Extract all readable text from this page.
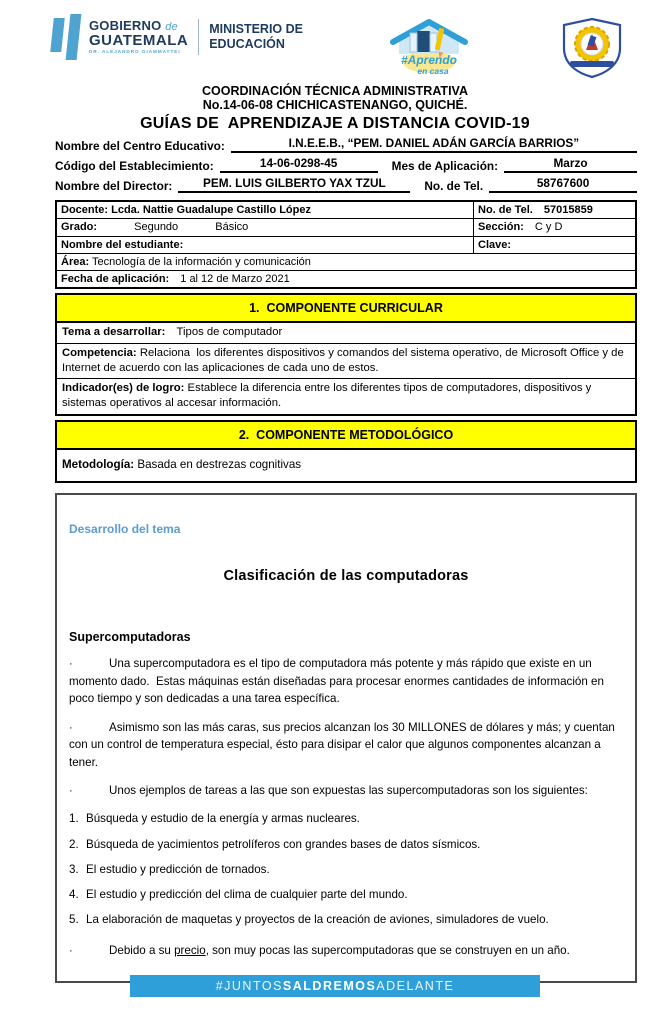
GOBIERNO de
GUATEMALA
DR. ALEJANDRO GIAMMATTEI
MINISTERIO DE
EDUCACIÓN
#Aprendo
en casa
COORDINACIÓN TÉCNICA ADMINISTRATIVA
No.14-06-08 CHICHICASTENANGO, QUICHÉ.
GUÍAS DE  APRENDIZAJE A DISTANCIA COVID-19
Nombre del Centro Educativo:	I.N.E.E.B., “PEM. DANIEL ADÁN GARCÍA BARRIOS”
Código del Establecimiento:	14-06-0298-45	Mes de Aplicación:	Marzo
Nombre del Director:	PEM. LUIS GILBERTO YAX TZUL	No. de Tel.	58767600
Docente: Lcda. Nattie Guadalupe Castillo López	No. de Tel. 57015859
Grado:	Segundo	Básico	Sección: C y D
Nombre del estudiante:	Clave:
Área: Tecnología de la información y comunicación
Fecha de aplicación: 1 al 12 de Marzo 2021
1.  COMPONENTE CURRICULAR
Tema a desarrollar: Tipos de computador
Competencia: Relaciona  los diferentes dispositivos y comandos del sistema operativo, de Microsoft Office y de  Internet de acuerdo con las aplicaciones de cada uno de estos.
Indicador(es) de logro: Establece la diferencia entre los diferentes tipos de computadores, dispositivos y sistemas operativos al accesar información.
2.  COMPONENTE METODOLÓGICO
Metodología: Basada en destrezas cognitivas
Desarrollo del tema
Clasificación de las computadoras
Supercomputadoras
·	Una supercomputadora es el tipo de computadora más potente y más rápido que existe en un momento dado.  Estas máquinas están diseñadas para procesar enormes cantidades de información en poco tiempo y son dedicadas a una tarea específica.
·	Asimismo son las más caras, sus precios alcanzan los 30 MILLONES de dólares y más; y cuentan con un control de temperatura especial, ésto para disipar el calor que algunos componentes alcanzan a tener.
·	Unos ejemplos de tareas a las que son expuestas las supercomputadoras son los siguientes:
1. Búsqueda y estudio de la energía y armas nucleares.
2. Búsqueda de yacimientos petrolíferos con grandes bases de datos sísmicos.
3. El estudio y predicción de tornados.
4. El estudio y predicción del clima de cualquier parte del mundo.
5. La elaboración de maquetas y proyectos de la creación de aviones, simuladores de vuelo.
·	Debido a su precio, son muy pocas las supercomputadoras que se construyen en un año.
#JUNTOS SALDREMOS ADELANTE
